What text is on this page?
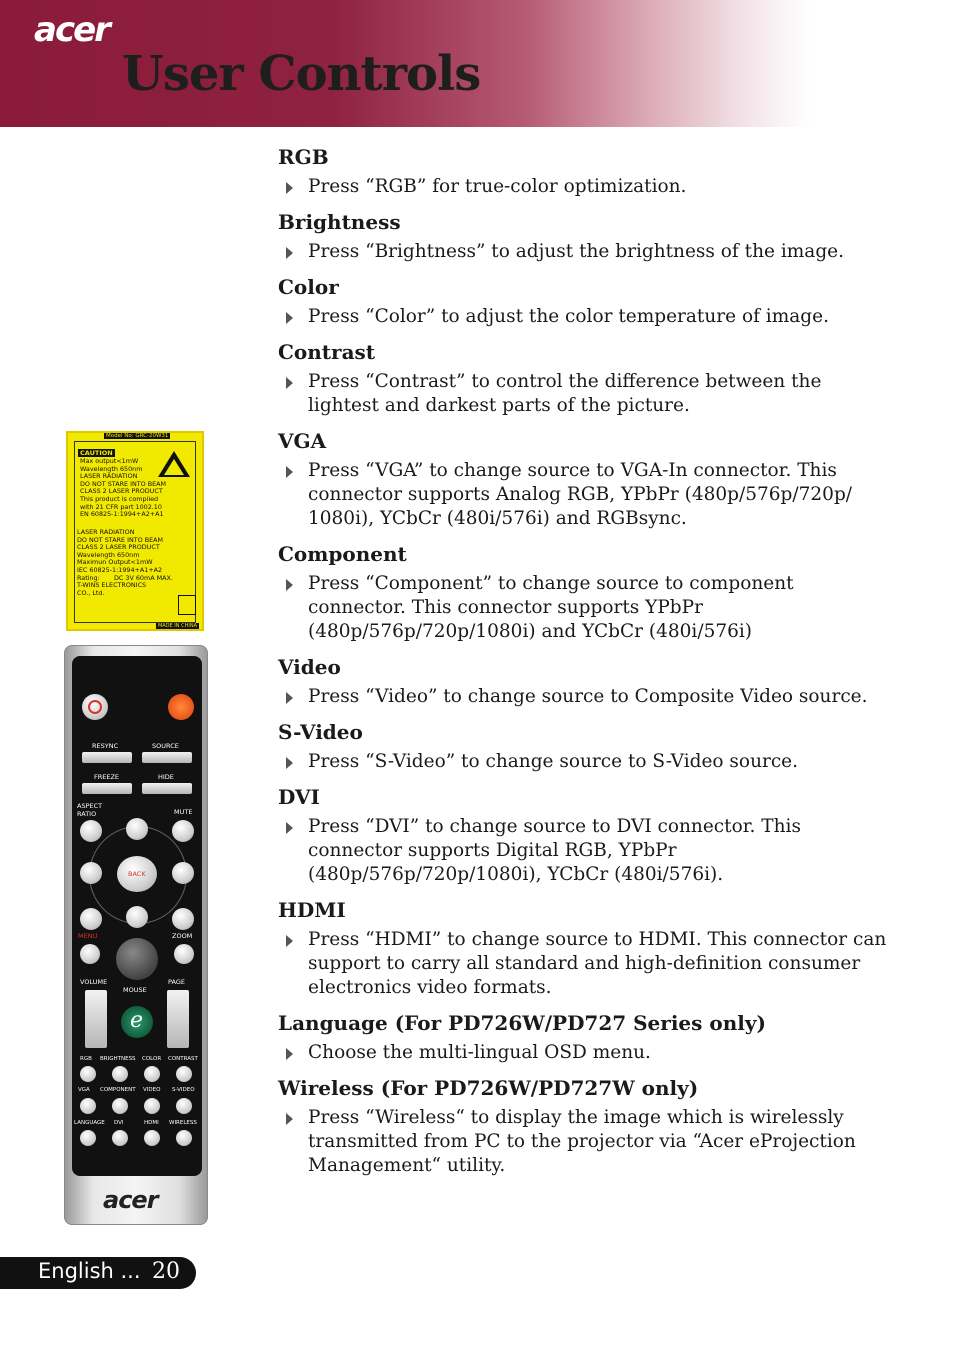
acer
User Controls
RGB
Press “RGB” for true-color optimization.
Brightness
Press “Brightness” to adjust the brightness of the image.
Color
Press “Color” to adjust the color temperature of image.
Contrast
Press “Contrast” to control the difference between the lightest and darkest parts of the picture.
VGA
Press “VGA” to change source to VGA-In connector. This connector supports Analog RGB, YPbPr (480p/576p/720p/ 1080i), YCbCr (480i/576i) and RGBsync.
Component
Press “Component” to change source to component connector. This connector supports YPbPr (480p/576p/720p/1080i) and YCbCr (480i/576i)
Video
Press “Video” to change source to Composite Video source.
S-Video
Press “S-Video” to change source to S-Video source.
DVI
Press “DVI” to change source to DVI connector. This connector supports Digital RGB, YPbPr (480p/576p/720p/1080i), YCbCr (480i/576i).
HDMI
Press “HDMI” to change source to HDMI. This connector can support to carry all standard and high-definition consumer electronics video formats.
Language (For PD726W/PD727 Series only)
Choose the multi-lingual OSD menu.
Wireless (For PD726W/PD727W only)
Press “Wireless“ to display the image which is wirelessly transmitted from PC to the projector via “Acer eProjection Management“ utility.
Model No: GRC-20W31
CAUTION
Max output<1mW
Wavelength 650nm
LASER RADIATION
DO NOT STARE INTO BEAM
CLASS 2 LASER PRODUCT
This product is complied
with 21 CFR part 1002.10
EN 60825-1:1994+A2+A1
LASER RADIATION
DO NOT STARE INTO BEAM
CLASS 2 LASER PRODUCT
Wavelength 650nm
Maximun Output<1mW
IEC 60825-1:1994+A1+A2
Rating:       DC 3V 60mA MAX.
T-WINS ELECTRONICS
CO., Ltd.
MADE IN CHINA
RESYNC	SOURCE
FREEZE	HIDE
ASPECT
RATIO	MUTE
BACK
MENU	ZOOM
VOLUME
MOUSE
PAGE
e
RGB BRIGHTNESS COLOR CONTRAST
VGA COMPONENT VIDEO S-VIDEO
LANGUAGE DVI	HDMI WIRELESS
acer
English ... 20
